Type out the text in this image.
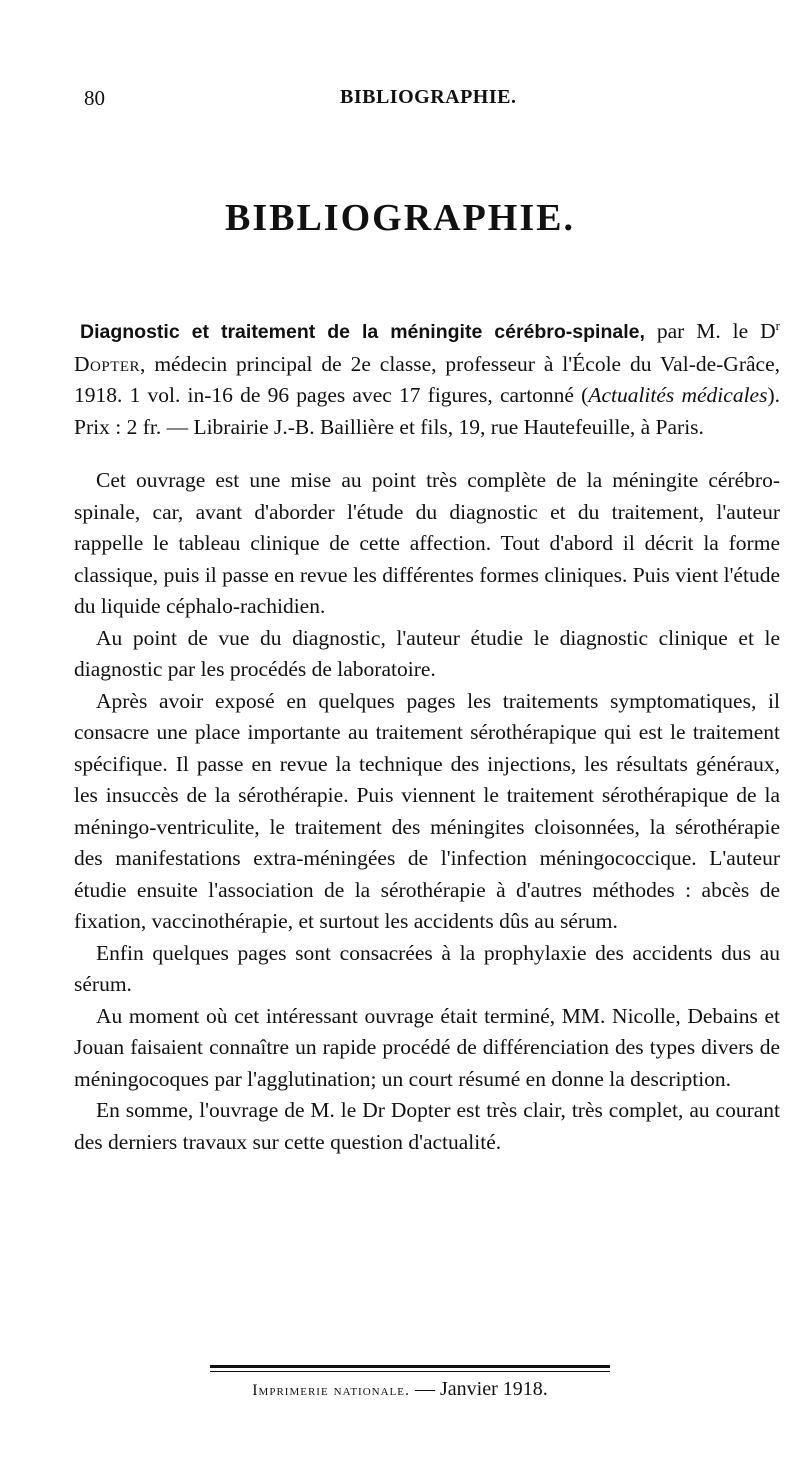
80	BIBLIOGRAPHIE.
BIBLIOGRAPHIE.

Diagnostic et traitement de la méningite cérébro-spinale, par M. le $D^r$ Dopter, médecin principal de 2e classe, professeur à l'École du Val-de-Grâce, 1918. 1 vol. in-16 de 96 pages avec 17 figures, cartonné (Actualités médicales). Prix : 2 fr. — Librairie J.-B. Baillière et fils, 19, rue Hautefeuille, à Paris.

Cet ouvrage est une mise au point très complète de la méningite cérébro-spinale, car, avant d'aborder l'étude du diagnostic et du traitement, l'auteur rappelle le tableau clinique de cette affection. Tout d'abord il décrit la forme classique, puis il passe en revue les différentes formes cliniques. Puis vient l'étude du liquide céphalo-rachidien.

Au point de vue du diagnostic, l'auteur étudie le diagnostic clinique et le diagnostic par les procédés de laboratoire.

Après avoir exposé en quelques pages les traitements symptomatiques, il consacre une place importante au traitement sérothérapique qui est le traitement spécifique. Il passe en revue la technique des injections, les résultats généraux, les insuccès de la sérothérapie. Puis viennent le traitement sérothérapique de la méningo-ventriculite, le traitement des méningites cloisonnées, la sérothérapie des manifestations extra-méningées de l'infection méningococcique. L'auteur étudie ensuite l'association de la sérothérapie à d'autres méthodes : abcès de fixation, vaccinothérapie, et surtout les accidents dûs au sérum.

Enfin quelques pages sont consacrées à la prophylaxie des accidents dus au sérum.

Au moment où cet intéressant ouvrage était terminé, MM. Nicolle, Debains et Jouan faisaient connaître un rapide procédé de différenciation des types divers de méningocoques par l'agglutination; un court résumé en donne la description.

En somme, l'ouvrage de M. le Dr Dopter est très clair, très complet, au courant des derniers travaux sur cette question d'actualité.

Imprimerie nationale. — Janvier 1918.
